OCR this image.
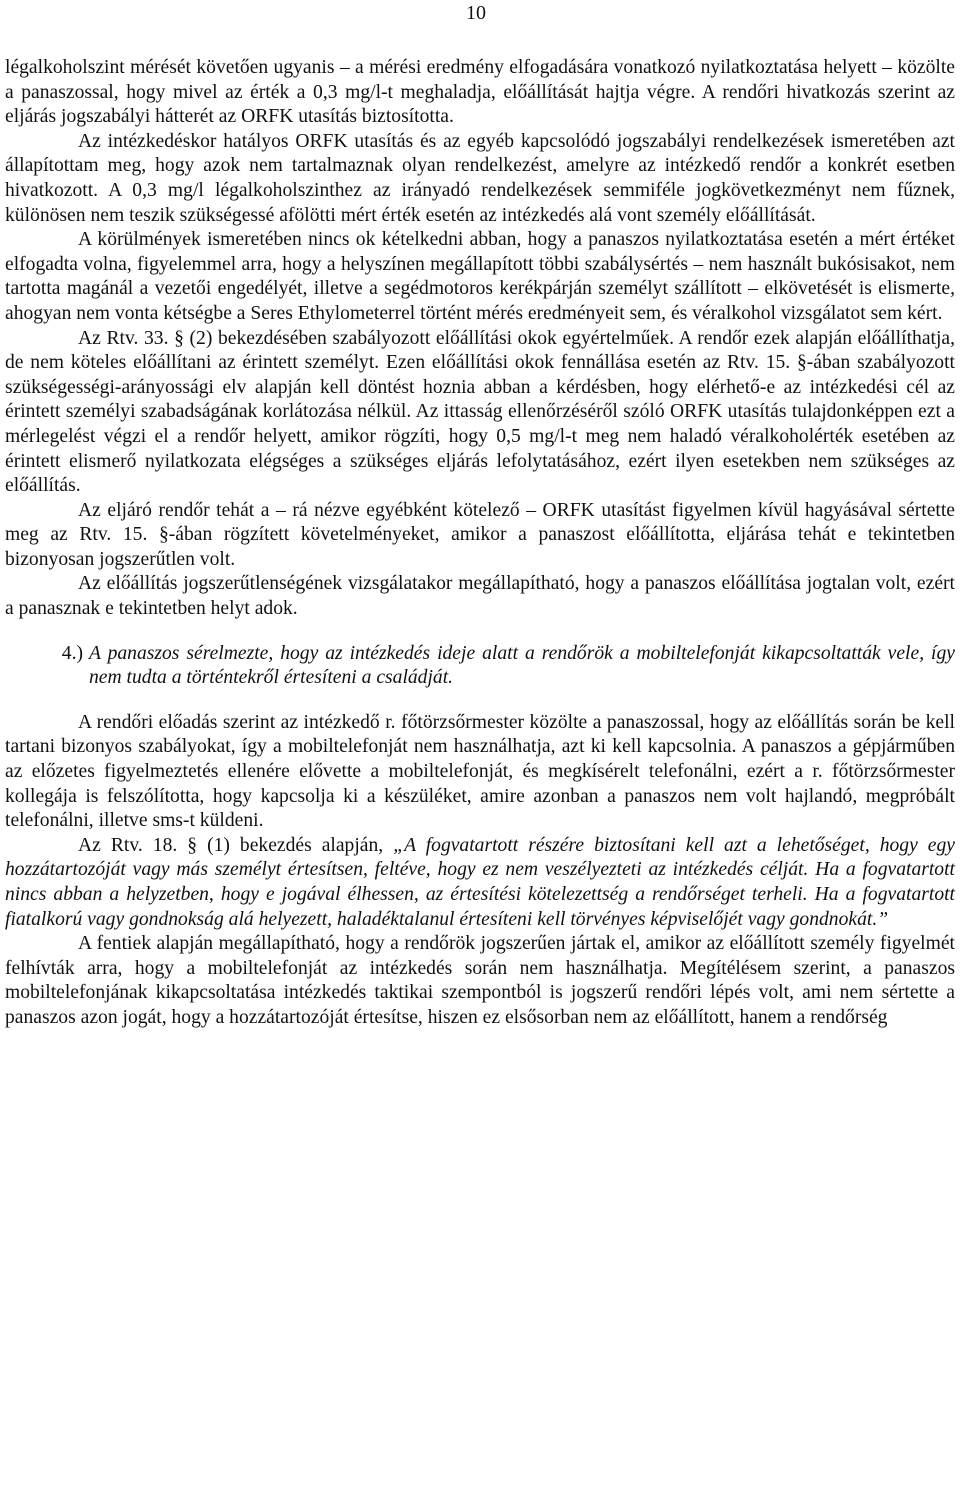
10

légalkoholszint mérését követően ugyanis – a mérési eredmény elfogadására vonatkozó nyilatkoztatása helyett – közölte a panaszossal, hogy mivel az érték a 0,3 mg/l-t meghaladja, előállítását hajtja végre. A rendőri hivatkozás szerint az eljárás jogszabályi hátterét az ORFK utasítás biztosította.

Az intézkedéskor hatályos ORFK utasítás és az egyéb kapcsolódó jogszabályi rendelkezések ismeretében azt állapítottam meg, hogy azok nem tartalmaznak olyan rendelkezést, amelyre az intézkedő rendőr a konkrét esetben hivatkozott. A 0,3 mg/l légalkoholszinthez az irányadó rendelkezések semmiféle jogkövetkezményt nem fűznek, különösen nem teszik szükségessé afölötti mért érték esetén az intézkedés alá vont személy előállítását.

A körülmények ismeretében nincs ok kételkedni abban, hogy a panaszos nyilatkoztatása esetén a mért értéket elfogadta volna, figyelemmel arra, hogy a helyszínen megállapított többi szabálysértés – nem használt bukósisakot, nem tartotta magánál a vezetői engedélyét, illetve a segédmotoros kerékpárján személyt szállított – elkövetését is elismerte, ahogyan nem vonta kétségbe a Seres Ethylometerrel történt mérés eredményeit sem, és véralkohol vizsgálatot sem kért.

Az Rtv. 33. § (2) bekezdésében szabályozott előállítási okok egyértelműek. A rendőr ezek alapján előállíthatja, de nem köteles előállítani az érintett személyt. Ezen előállítási okok fennállása esetén az Rtv. 15. §-ában szabályozott szükségességi-arányossági elv alapján kell döntést hoznia abban a kérdésben, hogy elérhető-e az intézkedési cél az érintett személyi szabadságának korlátozása nélkül. Az ittasság ellenőrzéséről szóló ORFK utasítás tulajdonképpen ezt a mérlegelést végzi el a rendőr helyett, amikor rögzíti, hogy 0,5 mg/l-t meg nem haladó véralkoholérték esetében az érintett elismerő nyilatkozata elégséges a szükséges eljárás lefolytatásához, ezért ilyen esetekben nem szükséges az előállítás.

Az eljáró rendőr tehát a – rá nézve egyébként kötelező – ORFK utasítást figyelmen kívül hagyásával sértette meg az Rtv. 15. §-ában rögzített követelményeket, amikor a panaszost előállította, eljárása tehát e tekintetben bizonyosan jogszerűtlen volt.

Az előállítás jogszerűtlenségének vizsgálatakor megállapítható, hogy a panaszos előállítása jogtalan volt, ezért a panasznak e tekintetben helyt adok.

4.) A panaszos sérelmezte, hogy az intézkedés ideje alatt a rendőrök a mobiltelefonját kikapcsoltatták vele, így nem tudta a történtekről értesíteni a családját.

A rendőri előadás szerint az intézkedő r. főtörzsőrmester közölte a panaszossal, hogy az előállítás során be kell tartani bizonyos szabályokat, így a mobiltelefonját nem használhatja, azt ki kell kapcsolnia. A panaszos a gépjárműben az előzetes figyelmeztetés ellenére elővette a mobiltelefonját, és megkísérelt telefonálni, ezért a r. főtörzsőrmester kollegája is felszólította, hogy kapcsolja ki a készüléket, amire azonban a panaszos nem volt hajlandó, megpróbált telefonálni, illetve sms-t küldeni.

Az Rtv. 18. § (1) bekezdés alapján, „A fogvatartott részére biztosítani kell azt a lehetőséget, hogy egy hozzátartozóját vagy más személyt értesítsen, feltéve, hogy ez nem veszélyezteti az intézkedés célját. Ha a fogvatartott nincs abban a helyzetben, hogy e jogával élhessen, az értesítési kötelezettség a rendőrséget terheli. Ha a fogvatartott fiatalkorú vagy gondnokság alá helyezett, haladéktalanul értesíteni kell törvényes képviselőjét vagy gondnokát.”

A fentiek alapján megállapítható, hogy a rendőrök jogszerűen jártak el, amikor az előállított személy figyelmét felhívták arra, hogy a mobiltelefonját az intézkedés során nem használhatja. Megítélésem szerint, a panaszos mobiltelefonjának kikapcsoltatása intézkedés taktikai szempontból is jogszerű rendőri lépés volt, ami nem sértette a panaszos azon jogát, hogy a hozzátartozóját értesítse, hiszen ez elsősorban nem az előállított, hanem a rendőrség
